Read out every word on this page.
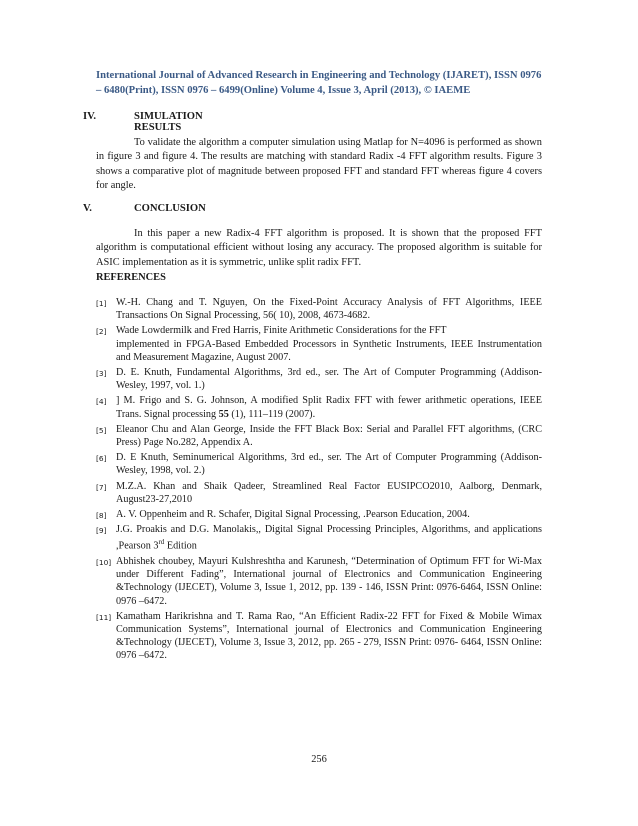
International Journal of Advanced Research in Engineering and Technology (IJARET), ISSN 0976 – 6480(Print), ISSN 0976 – 6499(Online) Volume 4, Issue 3, April (2013), © IAEME
IV.	SIMULATION RESULTS
To validate the algorithm a computer simulation using Matlap for N=4096 is performed as shown in figure 3 and figure 4. The results are matching with standard Radix -4 FFT algorithm results. Figure 3 shows a comparative plot of magnitude between proposed FFT and standard FFT whereas figure 4 covers for angle.
V.	CONCLUSION
In this paper a new Radix-4 FFT algorithm is proposed. It is shown that the proposed FFT algorithm is computational efficient without losing any accuracy. The proposed algorithm is suitable for ASIC implementation as it is symmetric, unlike split radix FFT.
REFERENCES
[1] W.-H. Chang and T. Nguyen, On the Fixed-Point Accuracy Analysis of FFT Algorithms, IEEE Transactions On Signal Processing, 56( 10), 2008, 4673-4682.
[2] Wade Lowdermilk and Fred Harris, Finite Arithmetic Considerations for the FFT
implemented in FPGA-Based Embedded Processors in Synthetic Instruments, IEEE Instrumentation and Measurement Magazine, August 2007.
[3] D. E. Knuth, Fundamental Algorithms, 3rd ed., ser. The Art of Computer Programming (Addison-Wesley, 1997, vol. 1.)
[4] ] M. Frigo and S. G. Johnson, A modified Split Radix FFT with fewer arithmetic operations, IEEE Trans. Signal processing 55 (1), 111–119 (2007).
[5] Eleanor Chu and Alan George, Inside the FFT Black Box: Serial and Parallel FFT algorithms, (CRC Press) Page No.282, Appendix A.
[6] D. E Knuth, Seminumerical Algorithms, 3rd ed., ser. The Art of Computer Programming (Addison-Wesley, 1998, vol. 2.)
[7] M.Z.A. Khan and Shaik Qadeer, Streamlined Real Factor EUSIPCO2010, Aalborg, Denmark, August23-27,2010
[8] A. V. Oppenheim and R. Schafer, Digital Signal Processing, .Pearson Education, 2004.
[9] J.G. Proakis and D.G. Manolakis,, Digital Signal Processing Principles, Algorithms, and applications ,Pearson 3rd Edition
[10] Abhishek choubey, Mayuri Kulshreshtha and Karunesh, “Determination of Optimum FFT for Wi-Max under Different Fading”, International journal of Electronics and Communication Engineering &Technology (IJECET), Volume 3, Issue 1, 2012, pp. 139 - 146, ISSN Print: 0976-6464, ISSN Online: 0976 –6472.
[11] Kamatham Harikrishna and T. Rama Rao, “An Efficient Radix-22 FFT for Fixed & Mobile Wimax Communication Systems”, International journal of Electronics and Communication Engineering &Technology (IJECET), Volume 3, Issue 3, 2012, pp. 265 - 279, ISSN Print: 0976- 6464, ISSN Online: 0976 –6472.
256
